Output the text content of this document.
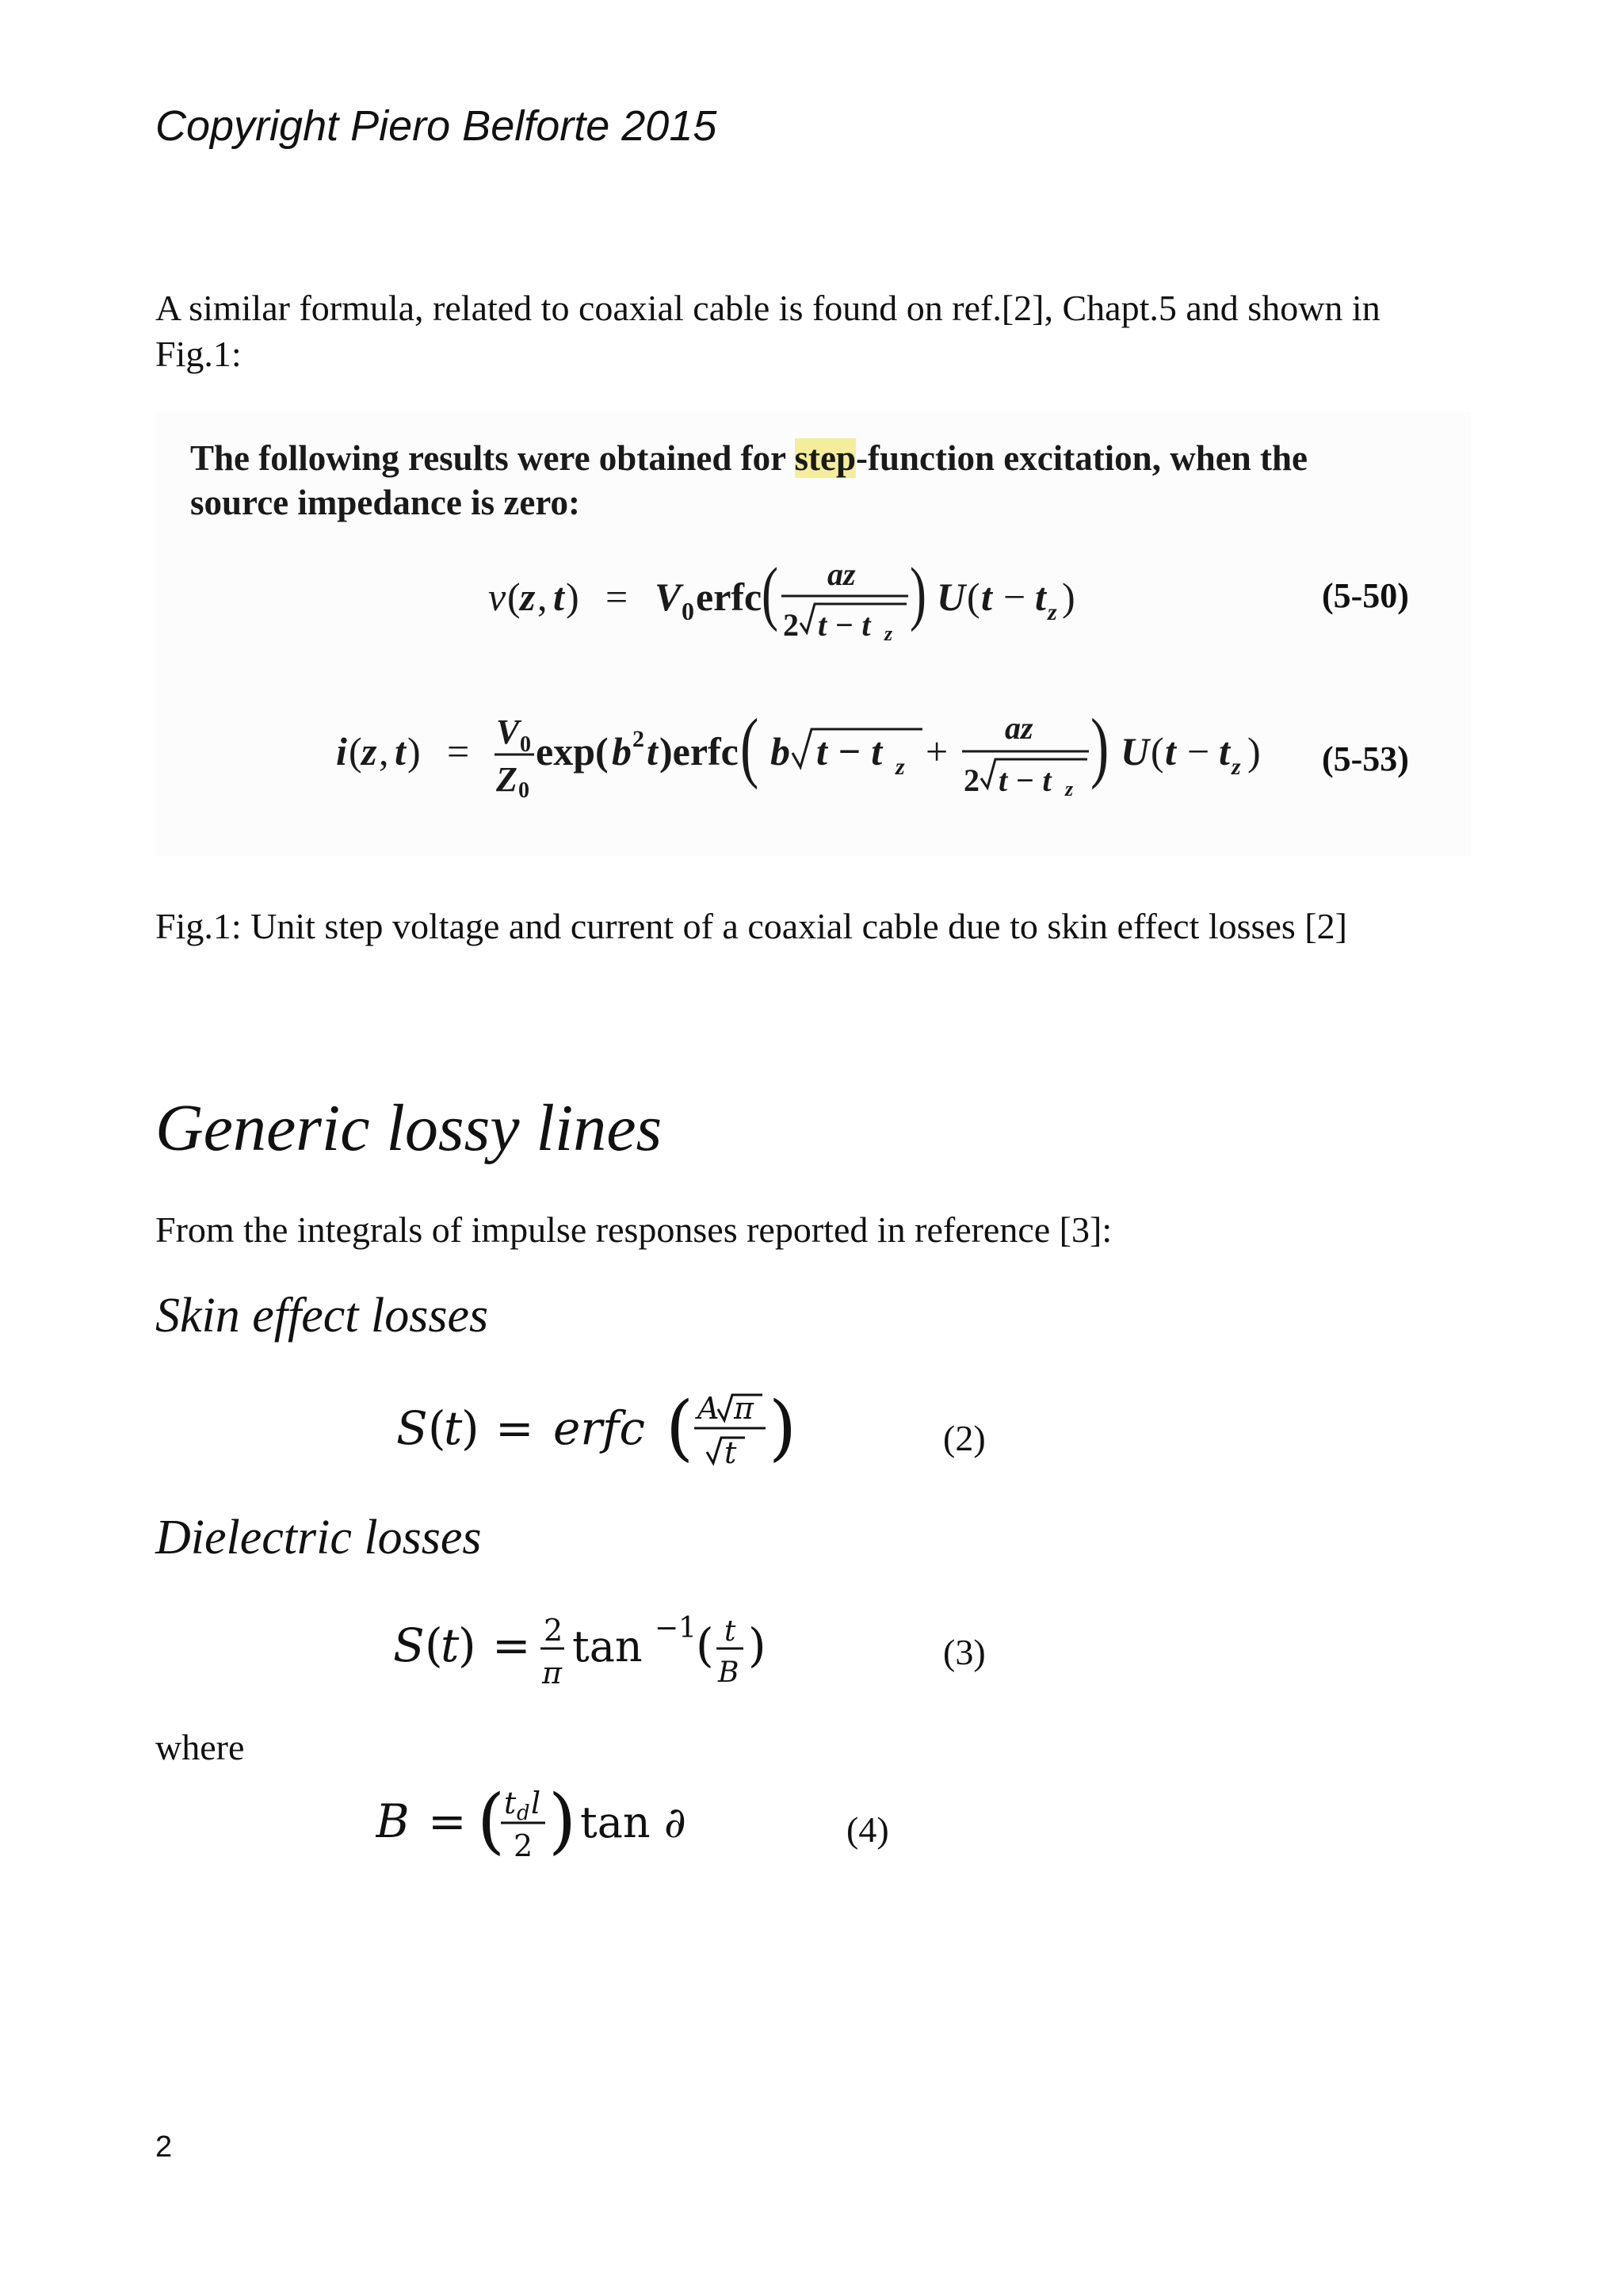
Copyright Piero Belforte 2015
A similar formula, related to coaxial cable is found on ref.[2], Chapt.5 and shown in
Fig.1:
The following results were obtained for step-function excitation, when the
source impedance is zero:
v ( z , t ) = V 0 erfc ( az
2 t − t z
) U ( t − t z )	(5-50)
i ( z , t ) = V 0
Z 0
exp( b 2 t )erfc ( b t − t z +
az
2 t − t z ) U ( t − t z ) (5-53)
Fig.1: Unit step voltage and current of a coaxial cable due to skin effect losses [2]
Generic lossy lines
From the integrals of impulse responses reported in reference [3]:
Skin effect losses
S (
t
) = erfc ( A π
t )	(2)
Dielectric losses
S (
t
) = 2
π
tan −1
( t
B
)	(3)
where
B = (
t d l
2 ) tan ∂	(4)
2
